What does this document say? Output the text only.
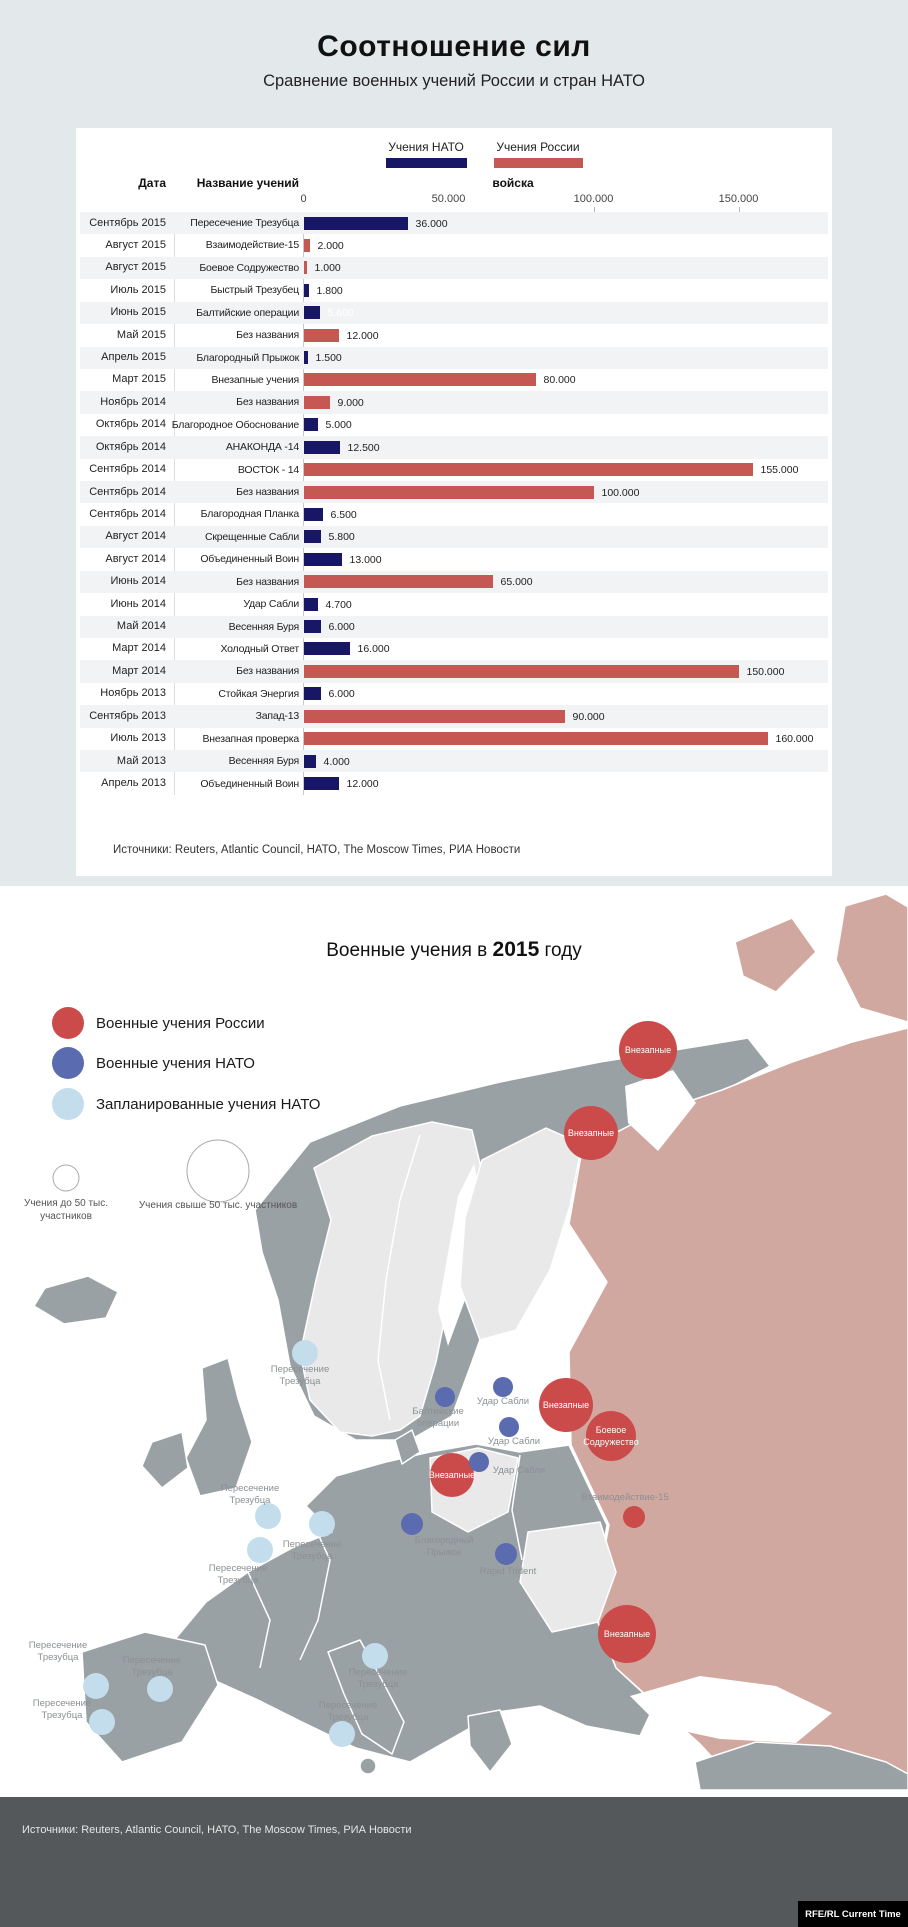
Соотношение сил
Сравнение военных учений России и стран НАТО
Учения НАТО	Учения России
Дата	Название учений	войска
0	50.000	100.000	150.000
Сентябрь 2015	Пересечение Трезубца	36.000
Август 2015	Взаимодействие-15 2.000
Август 2015	Боевое Содружество 1.000
Июль 2015	Быстрый Трезубец 1.800
Июнь 2015	Балтийские операции	5.600
Май 2015	Без названия	12.000
Апрель 2015	Благородный Прыжок 1.500
Март 2015	Внезапные учения	80.000
Ноябрь 2014	Без названия	9.000
Октябрь 2014 Благородное Обоснование	5.000
Октябрь 2014	АНАКОНДА -14	12.500
Сентябрь 2014	ВОСТОК - 14	155.000
Сентябрь 2014	Без названия	100.000
Сентябрь 2014	Благородная Планка	6.500
Август 2014	Скрещенные Сабли	5.800
Август 2014	Объединенный Воин	13.000
Июнь 2014	Без названия	65.000
Июнь 2014	Удар Сабли	4.700
Май 2014	Весенняя Буря	6.000
Март 2014	Холодный Ответ	16.000
Март 2014	Без названия	150.000
Ноябрь 2013	Стойкая Энергия	6.000
Сентябрь 2013	Запад-13	90.000
Июль 2013	Внезапная проверка	160.000
Май 2013	Весенняя Буря 4.000
Апрель 2013	Объединенный Воин	12.000
Источники: Reuters, Atlantic Council, НАТО, The Moscow Times, РИА Новости
Военные учения в 2015 году
Военные учения России
Военные учения НАТО
Запланированные учения НАТО
Учения до 50 тыс.
участников
Учения свыше 50 тыс. участников
Внезапные
Внезапные
Пересечение
Трезубца
Удар Сабли
Балтийские
операции
Внезапные
Удар Сабли
Боевое
Содружество
Удар Сабли
Внезапные
Взаимодействие-15
Пересечение
Трезубца
Пересечение
Трезубца
Благородный
Прыжок
Пересечение
Трезубца
Rapid Trident
Внезапные
Пересечение
Трезубца	Пересечение
Трезубца	Пересечение
Трезубца
Пересечение
Трезубца
Пересечение
Трезубца
Источники: Reuters, Atlantic Council, НАТО, The Moscow Times, РИА Новости
RFE/RL Current Time
